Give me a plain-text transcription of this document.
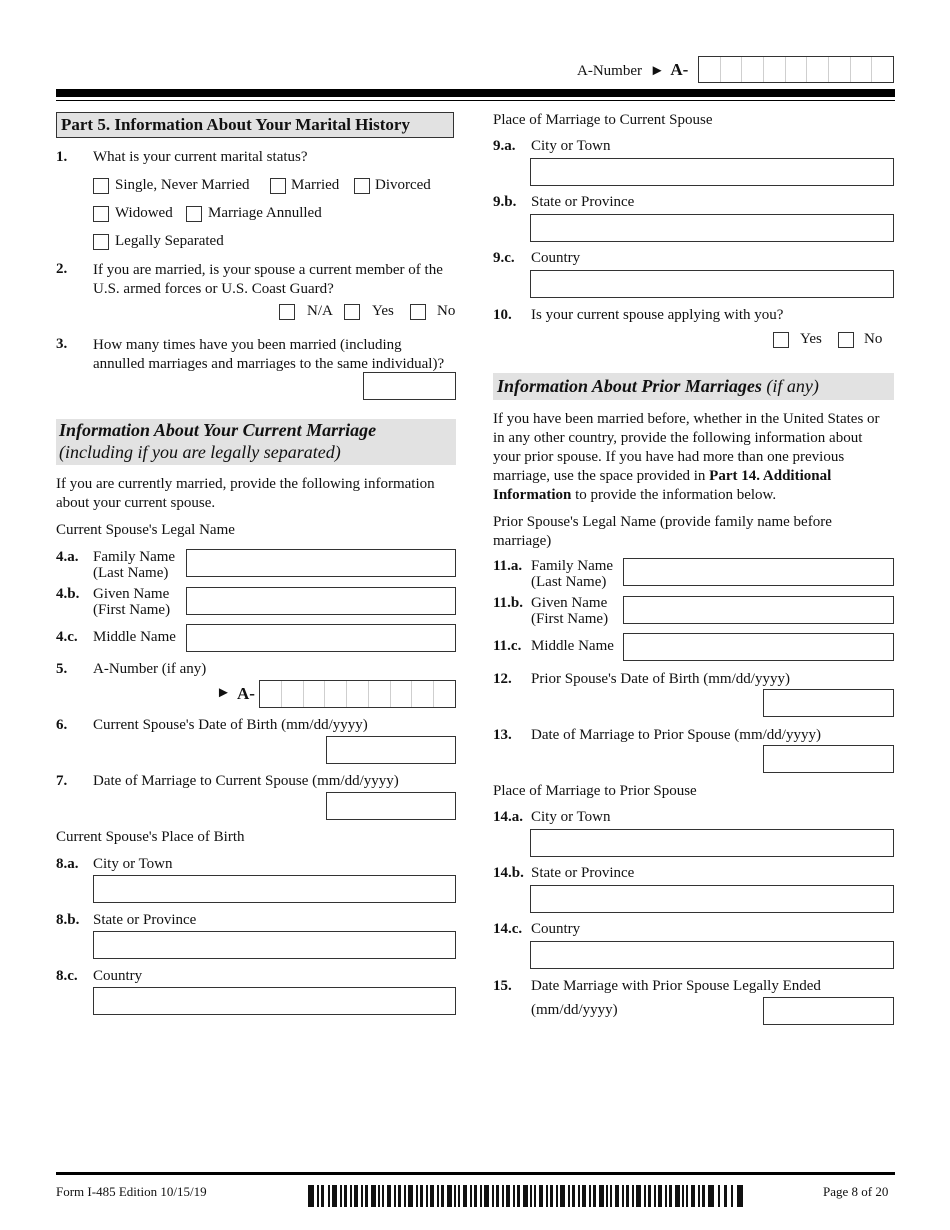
A-Number ► A-
Part 5. Information About Your Marital History
1. What is your current marital status?
Single, Never Married	Married Divorced
Widowed Marriage Annulled
Legally Separated
2. If you are married, is your spouse a current member of the
U.S. armed forces or U.S. Coast Guard?
N/A	Yes	No
3. How many times have you been married (including
annulled marriages and marriages to the same individual)?
Information About Your Current Marriage
(including if you are legally separated)
If you are currently married, provide the following information
about your current spouse.
Current Spouse's Legal Name
4.a. Family Name
(Last Name)
4.b. Given Name
(First Name)
4.c. Middle Name
5. A-Number (if any)
► A-
6. Current Spouse's Date of Birth (mm/dd/yyyy)
7. Date of Marriage to Current Spouse (mm/dd/yyyy)
Current Spouse's Place of Birth
8.a. City or Town
8.b. State or Province
8.c. Country
Place of Marriage to Current Spouse
9.a. City or Town
9.b. State or Province
9.c. Country
10. Is your current spouse applying with you?
Yes	No
Information About Prior Marriages (if any)
If you have been married before, whether in the United States or
in any other country, provide the following information about
your prior spouse. If you have had more than one previous
marriage, use the space provided in Part 14. Additional
Information to provide the information below.
Prior Spouse's Legal Name (provide family name before
marriage)
11.a. Family Name
(Last Name)
11.b. Given Name
(First Name)
11.c. Middle Name
12. Prior Spouse's Date of Birth (mm/dd/yyyy)
13. Date of Marriage to Prior Spouse (mm/dd/yyyy)
Place of Marriage to Prior Spouse
14.a. City or Town
14.b. State or Province
14.c. Country
15. Date Marriage with Prior Spouse Legally Ended
(mm/dd/yyyy)
Form I-485 Edition 10/15/19	Page 8 of 20
